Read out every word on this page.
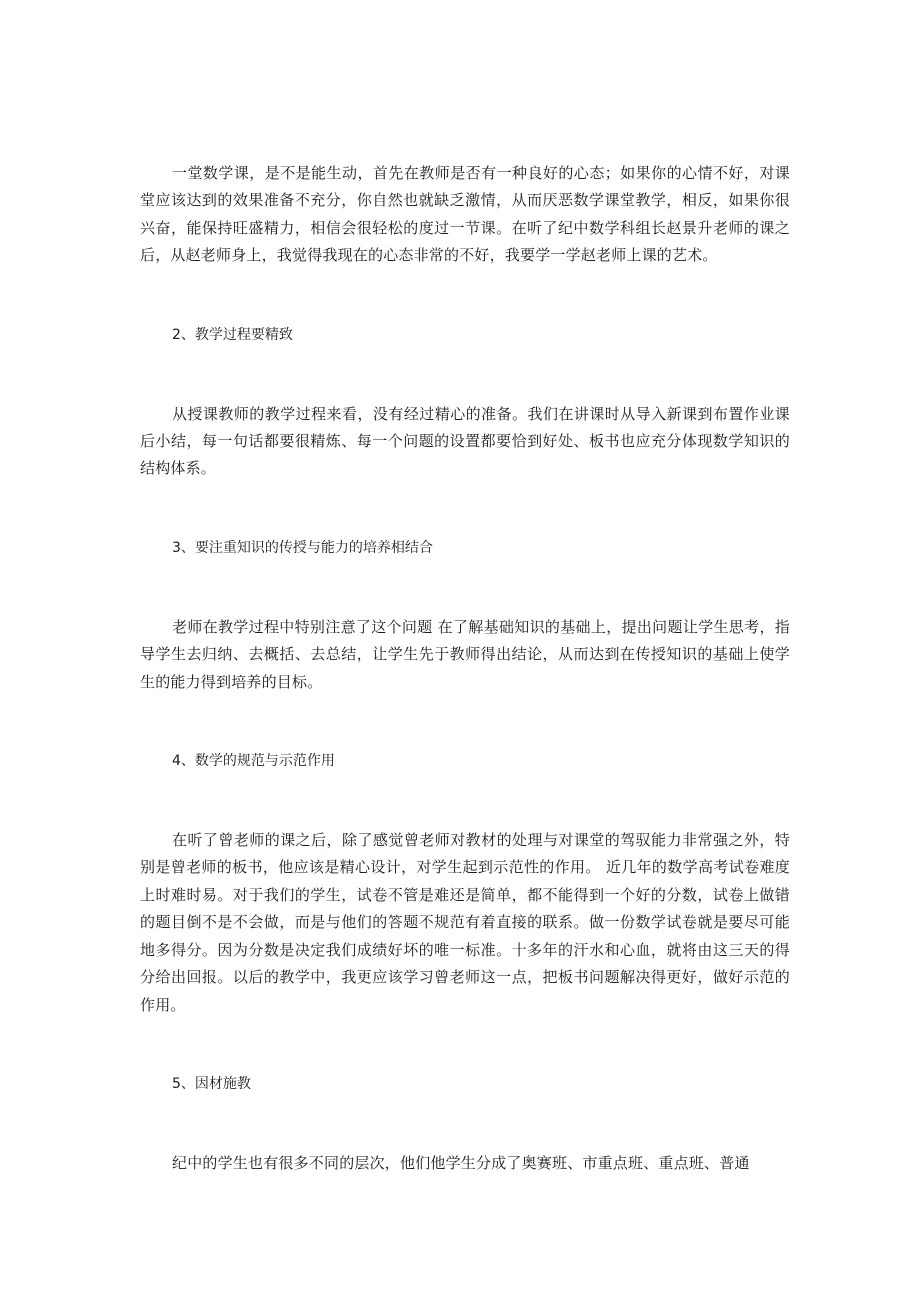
一堂数学课，是不是能生动，首先在教师是否有一种良好的心态；如果你的心情不好，对课堂应该达到的效果准备不充分，你自然也就缺乏激情，从而厌恶数学课堂教学，相反，如果你很兴奋，能保持旺盛精力，相信会很轻松的度过一节课。在听了纪中数学科组长赵景升老师的课之后，从赵老师身上，我觉得我现在的心态非常的不好，我要学一学赵老师上课的艺术。

2、教学过程要精致

从授课教师的教学过程来看，没有经过精心的准备。我们在讲课时从导入新课到布置作业课后小结，每一句话都要很精炼、每一个问题的设置都要恰到好处、板书也应充分体现数学知识的结构体系。

3、要注重知识的传授与能力的培养相结合

老师在教学过程中特别注意了这个问题 在了解基础知识的基础上，提出问题让学生思考，指导学生去归纳、去概括、去总结，让学生先于教师得出结论，从而达到在传授知识的基础上使学生的能力得到培养的目标。

4、数学的规范与示范作用

在听了曾老师的课之后，除了感觉曾老师对教材的处理与对课堂的驾驭能力非常强之外，特别是曾老师的板书，他应该是精心设计，对学生起到示范性的作用。 近几年的数学高考试卷难度上时难时易。对于我们的学生，试卷不管是难还是简单，都不能得到一个好的分数，试卷上做错的题目倒不是不会做，而是与他们的答题不规范有着直接的联系。做一份数学试卷就是要尽可能地多得分。因为分数是决定我们成绩好坏的唯一标准。十多年的汗水和心血，就将由这三天的得分给出回报。以后的教学中，我更应该学习曾老师这一点，把板书问题解决得更好，做好示范的作用。

5、因材施教

纪中的学生也有很多不同的层次，他们他学生分成了奥赛班、市重点班、重点班、普通
